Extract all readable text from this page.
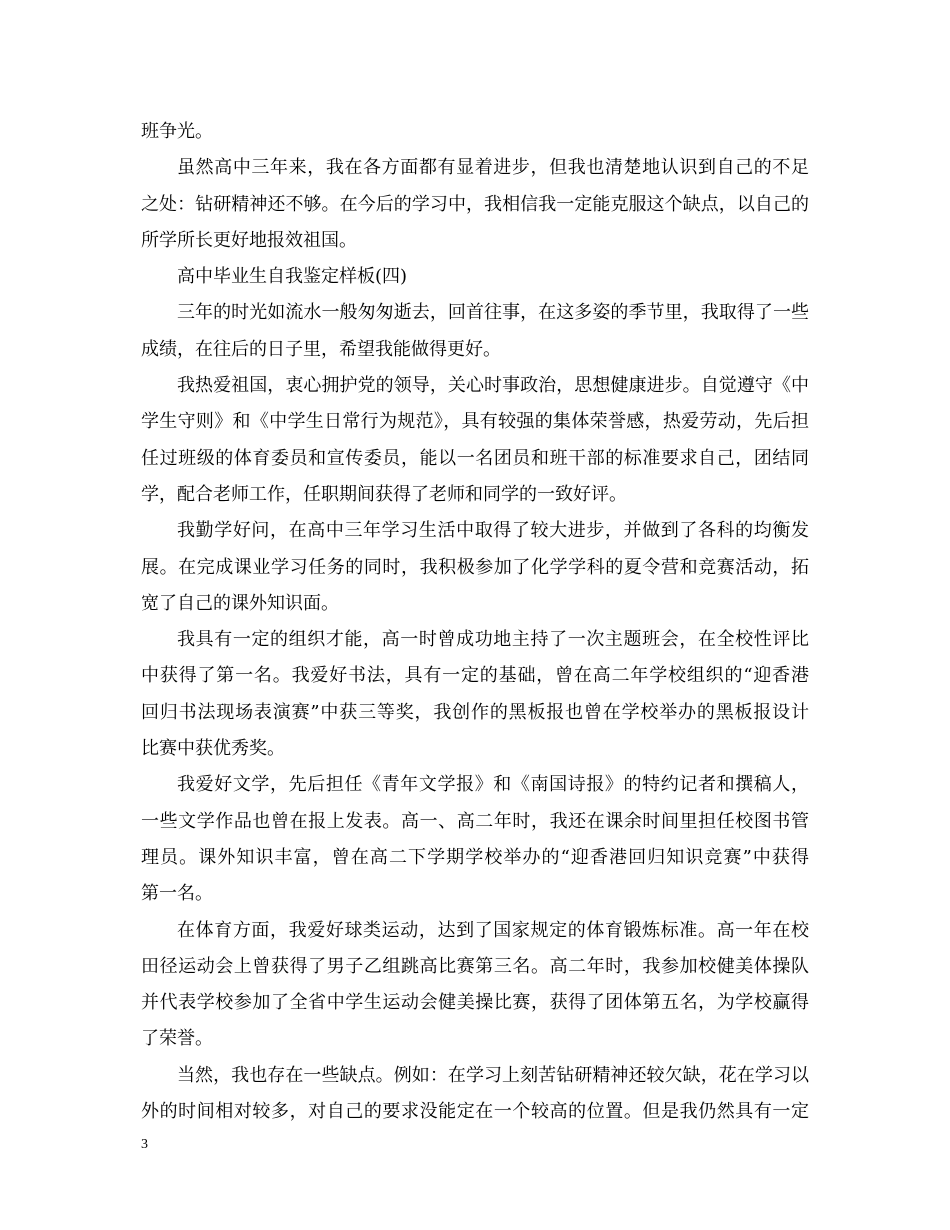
班争光。
虽然高中三年来，我在各方面都有显着进步，但我也清楚地认识到自己的不足
之处：钻研精神还不够。在今后的学习中，我相信我一定能克服这个缺点，以自己的
所学所长更好地报效祖国。
高中毕业生自我鉴定样板(四)
三年的时光如流水一般匆匆逝去，回首往事，在这多姿的季节里，我取得了一些
成绩，在往后的日子里，希望我能做得更好。
我热爱祖国，衷心拥护党的领导，关心时事政治，思想健康进步。自觉遵守《中
学生守则》和《中学生日常行为规范》，具有较强的集体荣誉感，热爱劳动，先后担
任过班级的体育委员和宣传委员，能以一名团员和班干部的标准要求自己，团结同
学，配合老师工作，任职期间获得了老师和同学的一致好评。
我勤学好问，在高中三年学习生活中取得了较大进步，并做到了各科的均衡发
展。在完成课业学习任务的同时，我积极参加了化学学科的夏令营和竞赛活动，拓
宽了自己的课外知识面。
我具有一定的组织才能，高一时曾成功地主持了一次主题班会，在全校性评比
中获得了第一名。我爱好书法，具有一定的基础，曾在高二年学校组织的“迎香港
回归书法现场表演赛”中获三等奖，我创作的黑板报也曾在学校举办的黑板报设计
比赛中获优秀奖。
我爱好文学，先后担任《青年文学报》和《南国诗报》的特约记者和撰稿人，
一些文学作品也曾在报上发表。高一、高二年时，我还在课余时间里担任校图书管
理员。课外知识丰富，曾在高二下学期学校举办的“迎香港回归知识竞赛”中获得
第一名。
在体育方面，我爱好球类运动，达到了国家规定的体育锻炼标准。高一年在校
田径运动会上曾获得了男子乙组跳高比赛第三名。高二年时，我参加校健美体操队
并代表学校参加了全省中学生运动会健美操比赛，获得了团体第五名，为学校赢得
了荣誉。
当然，我也存在一些缺点。例如：在学习上刻苦钻研精神还较欠缺，花在学习以
外的时间相对较多，对自己的要求没能定在一个较高的位置。但是我仍然具有一定
3
